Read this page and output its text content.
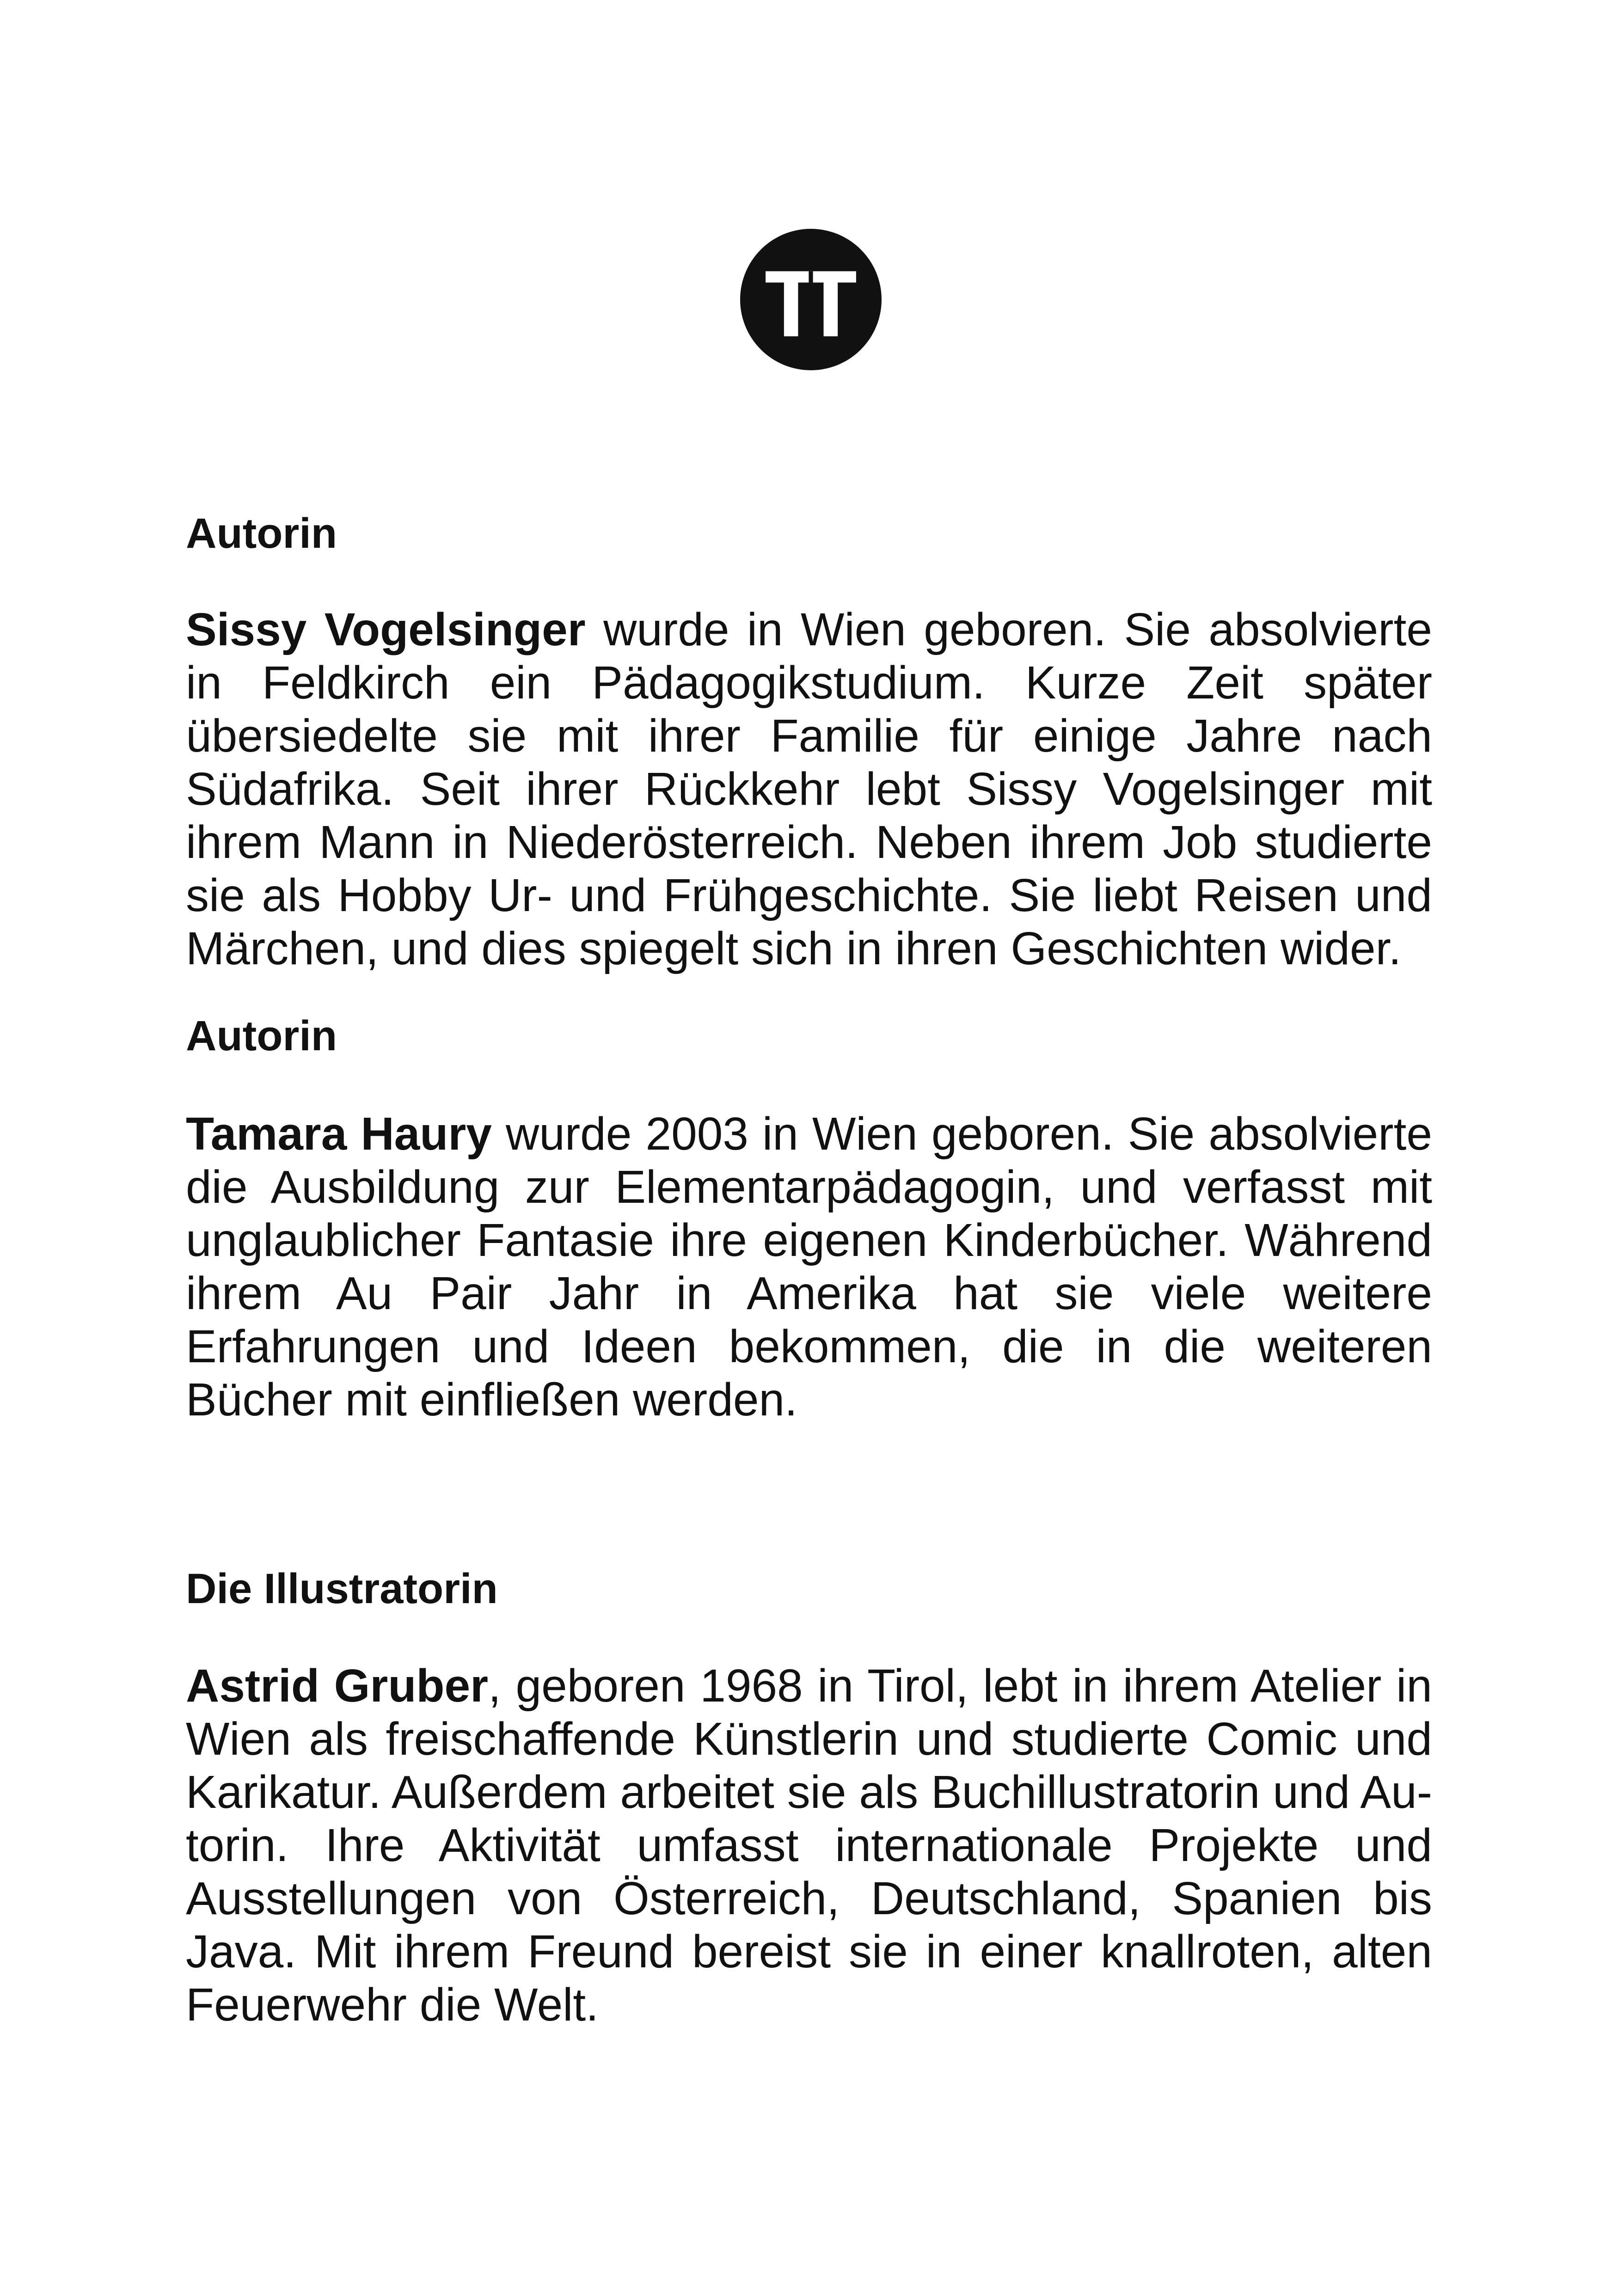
Autorin

Sissy Vogelsinger wurde in Wien geboren. Sie absolvierte in Feldkirch ein Pädagogikstudium. Kurze Zeit später übersiedelte sie mit ihrer Familie für einige Jahre nach Südafrika. Seit ihrer Rückkehr lebt Sissy Vogelsinger mit ihrem Mann in Niederösterreich. Neben ihrem Job studierte sie als Hobby Ur- und Frühgeschichte. Sie liebt Reisen und Märchen, und dies spiegelt sich in ihren Geschichten wider.

Autorin

Tamara Haury wurde 2003 in Wien geboren. Sie absolvierte die Ausbildung zur Elementarpädagogin, und verfasst mit unglaublicher Fantasie ihre eigenen Kinderbücher. Während ihrem Au Pair Jahr in Amerika hat sie viele weitere Erfahrungen und Ideen bekommen, die in die weiteren Bücher mit einfließen werden.

Die Illustratorin

Astrid Gruber, geboren 1968 in Tirol, lebt in ihrem Atelier in Wien als freischaffende Künstlerin und studierte Comic und Karikatur. Außerdem arbeitet sie als Buchillustratorin und Autorin. Ihre Aktivität umfasst internationale Projekte und Ausstellungen von Österreich, Deutschland, Spanien bis Java. Mit ihrem Freund bereist sie in einer knallroten, alten Feuerwehr die Welt.
